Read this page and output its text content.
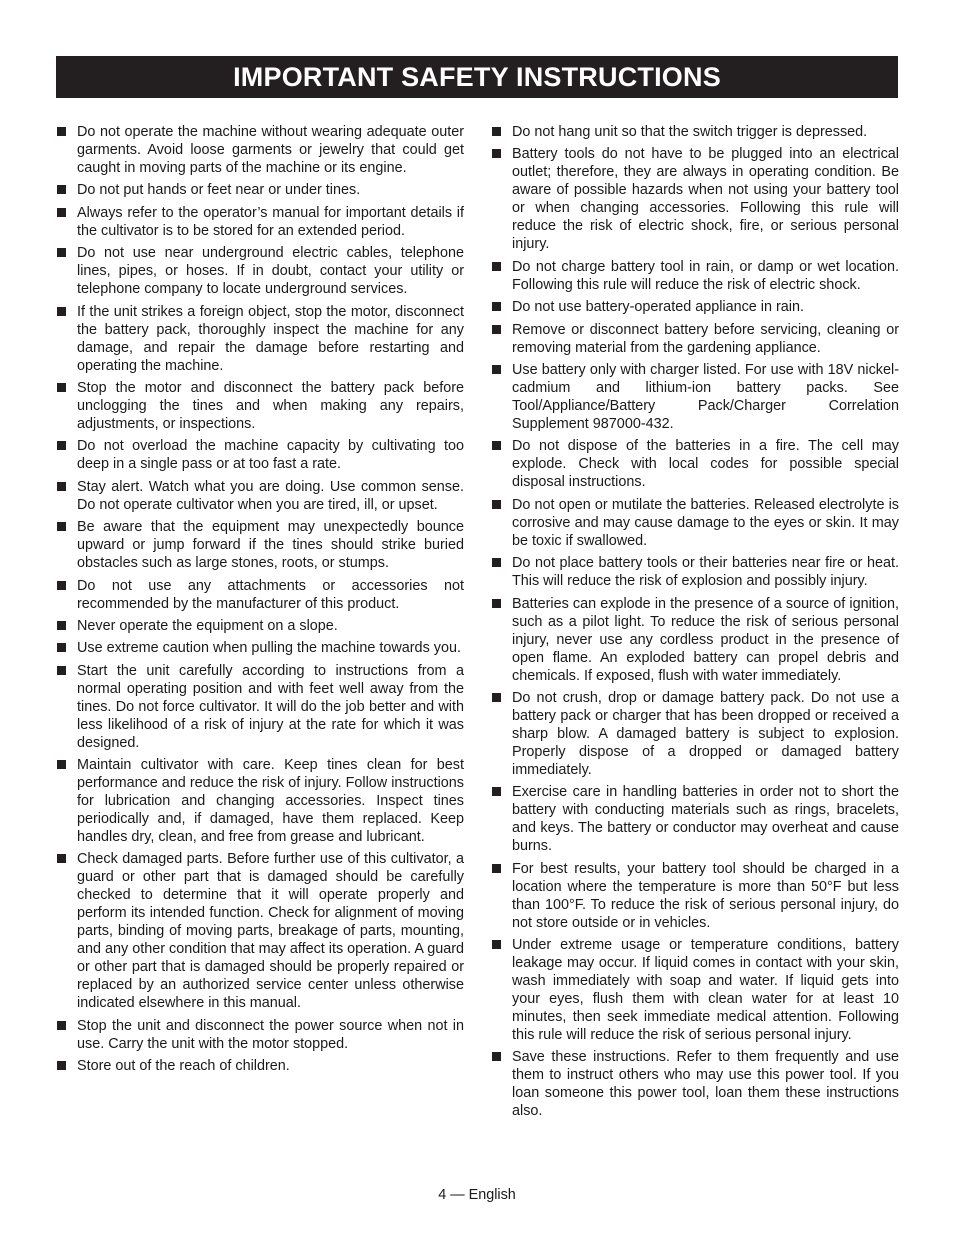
IMPORTANT SAFETY INSTRUCTIONS
Do not operate the machine without wearing adequate outer garments. Avoid loose garments or jewelry that could get caught in moving parts of the machine or its engine.
Do not put hands or feet near or under tines.
Always refer to the operator’s manual for important details if the cultivator is to be stored for an extended period.
Do not use near underground electric cables, telephone lines, pipes, or hoses. If in doubt, contact your utility or telephone company to locate underground services.
If the unit strikes a foreign object, stop the motor, disconnect the battery pack, thoroughly inspect the machine for any damage, and repair the damage before restarting and operating the machine.
Stop the motor and disconnect the battery pack before unclogging the tines and when making any repairs, adjustments, or inspections.
Do not overload the machine capacity by cultivating too deep in a single pass or at too fast a rate.
Stay alert. Watch what you are doing. Use common sense. Do not operate cultivator when you are tired, ill, or upset.
Be aware that the equipment may unexpectedly bounce upward or jump forward if the tines should strike buried obstacles such as large stones, roots, or stumps.
Do not use any attachments or accessories not recommended by the manufacturer of this product.
Never operate the equipment on a slope.
Use extreme caution when pulling the machine towards you.
Start the unit carefully according to instructions from a normal operating position and with feet well away from the tines. Do not force cultivator. It will do the job better and with less likelihood of a risk of injury at the rate for which it was designed.
Maintain cultivator with care. Keep tines clean for best performance and reduce the risk of injury. Follow instructions for lubrication and changing accessories. Inspect tines periodically and, if damaged, have them replaced. Keep handles dry, clean, and free from grease and lubricant.
Check damaged parts. Before further use of this cultivator, a guard or other part that is damaged should be carefully checked to determine that it will operate properly and perform its intended function. Check for alignment of moving parts, binding of moving parts, breakage of parts, mounting, and any other condition that may affect its operation. A guard or other part that is damaged should be properly repaired or replaced by an authorized service center unless otherwise indicated elsewhere in this manual.
Stop the unit and disconnect the power source when not in use. Carry the unit with the motor stopped.
Store out of the reach of children.
Do not hang unit so that the switch trigger is depressed.
Battery tools do not have to be plugged into an electrical outlet; therefore, they are always in operating condition. Be aware of possible hazards when not using your battery tool or when changing accessories. Following this rule will reduce the risk of electric shock, fire, or serious personal injury.
Do not charge battery tool in rain, or damp or wet location. Following this rule will reduce the risk of electric shock.
Do not use battery-operated appliance in rain.
Remove or disconnect battery before servicing, cleaning or removing material from the gardening appliance.
Use battery only with charger listed. For use with 18V nickel-cadmium and lithium-ion battery packs. See Tool/Appliance/Battery Pack/Charger Correlation Supplement 987000-432.
Do not dispose of the batteries in a fire. The cell may explode. Check with local codes for possible special disposal instructions.
Do not open or mutilate the batteries. Released electrolyte is corrosive and may cause damage to the eyes or skin. It may be toxic if swallowed.
Do not place battery tools or their batteries near fire or heat. This will reduce the risk of explosion and possibly injury.
Batteries can explode in the presence of a source of ignition, such as a pilot light. To reduce the risk of serious personal injury, never use any cordless product in the presence of open flame. An exploded battery can propel debris and chemicals. If exposed, flush with water immediately.
Do not crush, drop or damage battery pack. Do not use a battery pack or charger that has been dropped or received a sharp blow. A damaged battery is subject to explosion. Properly dispose of a dropped or damaged battery immediately.
Exercise care in handling batteries in order not to short the battery with conducting materials such as rings, bracelets, and keys. The battery or conductor may overheat and cause burns.
For best results, your battery tool should be charged in a location where the temperature is more than 50°F but less than 100°F. To reduce the risk of serious personal injury, do not store outside or in vehicles.
Under extreme usage or temperature conditions, battery leakage may occur. If liquid comes in contact with your skin, wash immediately with soap and water. If liquid gets into your eyes, flush them with clean water for at least 10 minutes, then seek immediate medical attention. Following this rule will reduce the risk of serious personal injury.
Save these instructions. Refer to them frequently and use them to instruct others who may use this power tool. If you loan someone this power tool, loan them these instructions also.
4 — English
